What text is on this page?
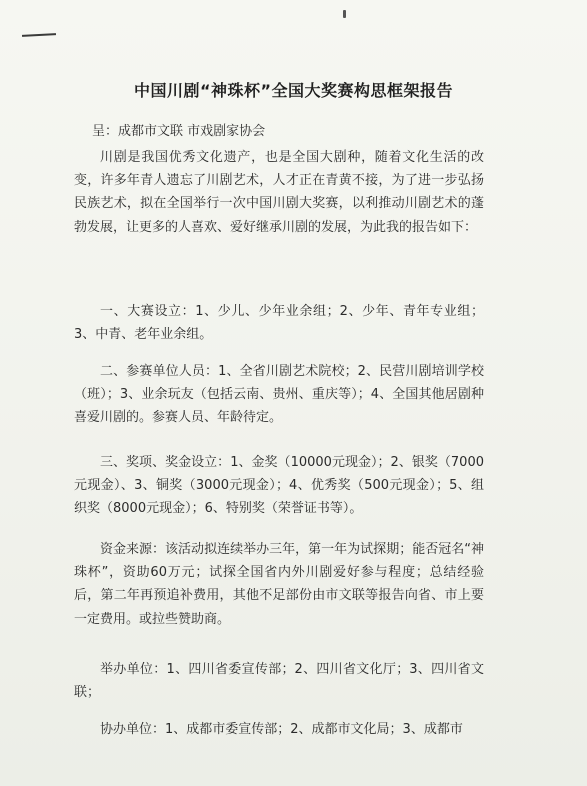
中国川剧“神珠杯”全国大奖赛构思框架报告

呈：成都市文联 市戏剧家协会

川剧是我国优秀文化遗产，也是全国大剧种，随着文化生活的改变，许多年青人遗忘了川剧艺术，人才正在青黄不接，为了进一步弘扬民族艺术，拟在全国举行一次中国川剧大奖赛，以利推动川剧艺术的蓬勃发展，让更多的人喜欢、爱好继承川剧的发展，为此我的报告如下：

一、大赛设立：1、少儿、少年业余组；2、少年、青年专业组；3、中青、老年业余组。

二、参赛单位人员：1、全省川剧艺术院校；2、民营川剧培训学校（班）；3、业余玩友（包括云南、贵州、重庆等）；4、全国其他居剧种喜爱川剧的。参赛人员、年龄待定。

三、奖项、奖金设立：1、金奖（10000元现金）；2、银奖（7000元现金）、3、铜奖（3000元现金）；4、优秀奖（500元现金）；5、组织奖（8000元现金）；6、特别奖（荣誉证书等）。

资金来源：该活动拟连续举办三年，第一年为试探期；能否冠名“神珠杯”，资助60万元；试探全国省内外川剧爱好参与程度；总结经验后，第二年再预追补费用，其他不足部份由市文联等报告向省、市上要一定费用。或拉些赞助商。

举办单位：1、四川省委宣传部；2、四川省文化厅；3、四川省文联；

协办单位：1、成都市委宣传部；2、成都市文化局；3、成都市
